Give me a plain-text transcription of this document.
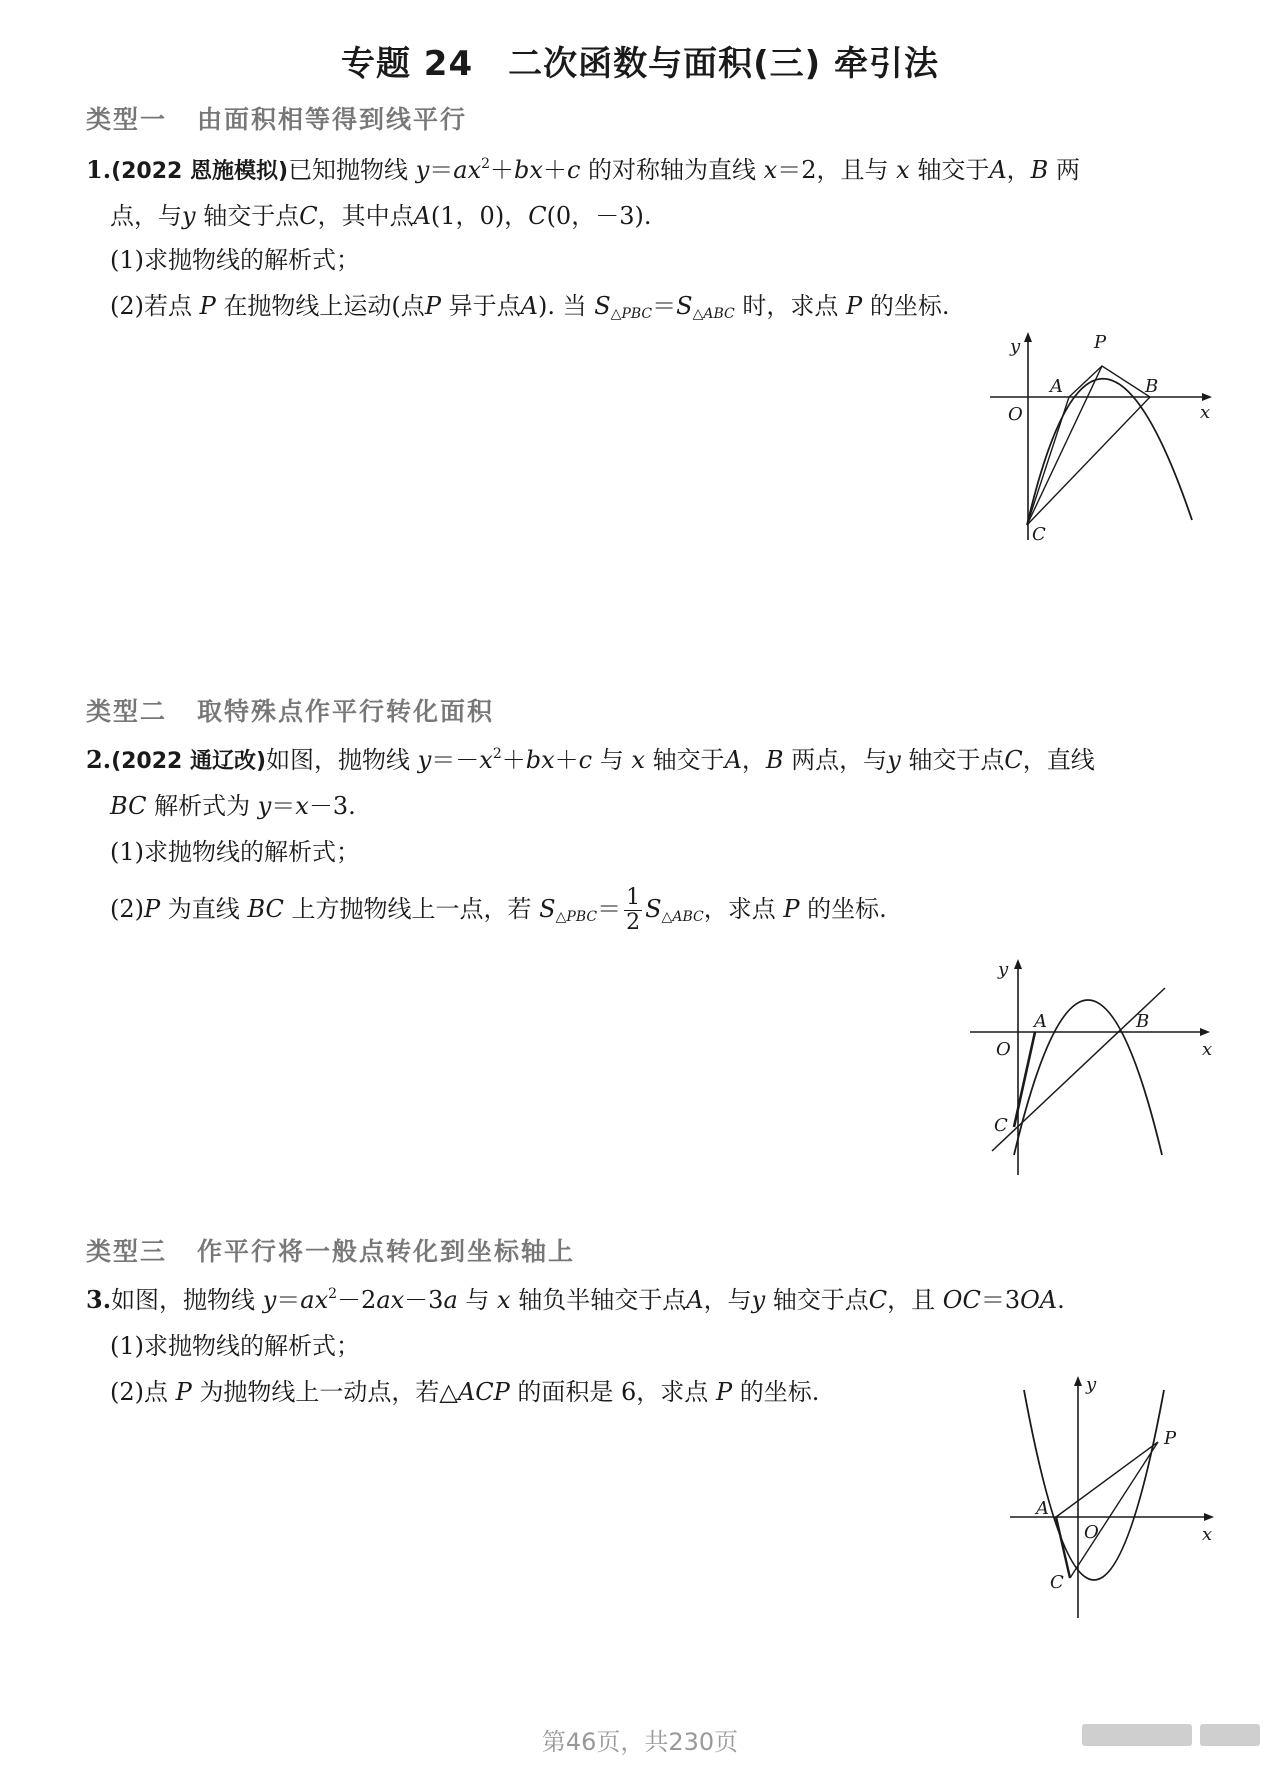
专题 24　二次函数与面积(三) 牵引法
类型一 由面积相等得到线平行
1.(2022 恩施模拟)已知抛物线 $y=ax^2+bx+c$ 的对称轴为直线 x＝2，且与 x 轴交于A，B 两
点，与y 轴交于点C，其中点A(1，0)，C(0，－3).
(1)求抛物线的解析式；
(2)若点 P 在抛物线上运动(点P 异于点A). 当 $S_{\triangle PBC}=S_{\triangle ABC}$ 时，求点 P 的坐标.
y
x
O
A	B
C
P
类型二 取特殊点作平行转化面积
2.(2022 通辽改)如图，抛物线 $y=-x^2+bx+c$ 与 x 轴交于A，B 两点，与y 轴交于点C，直线
BC 解析式为 y＝x－3.
(1)求抛物线的解析式；
(2)P 为直线 BC 上方抛物线上一点，若 $S_{\triangle PBC}= \frac{1}{2} S_{\triangle ABC}$，求点 P 的坐标.
y
x
O
A	B
C
类型三 作平行将一般点转化到坐标轴上
3.如图，抛物线 $y=ax^2-2ax-3a$ 与 x 轴负半轴交于点A，与y 轴交于点C，且 OC＝3OA.
(1)求抛物线的解析式；
(2)点 P 为抛物线上一动点，若△ACP 的面积是 6，求点 P 的坐标.	y
x
O
A
C
P
第46页，共230页
